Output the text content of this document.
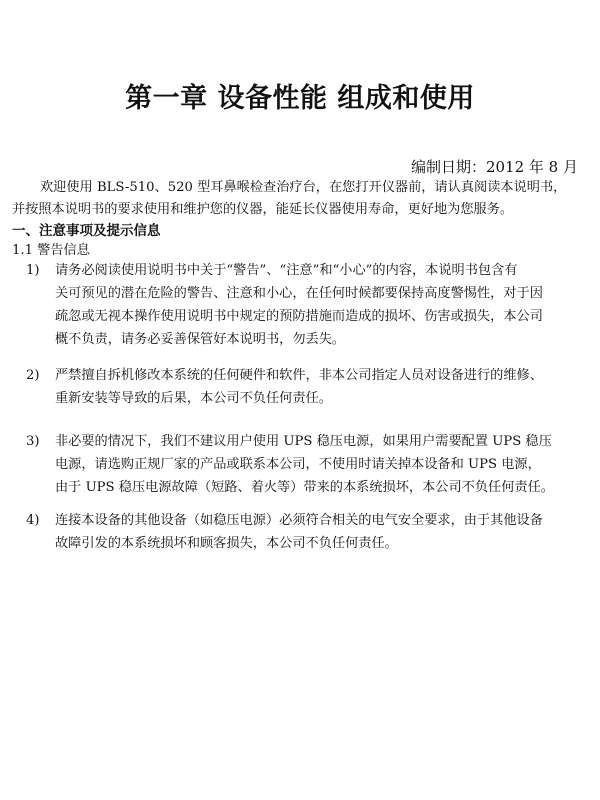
第一章 设备性能 组成和使用
编制日期：2012 年 8 月
欢迎使用 BLS-510、520 型耳鼻喉检查治疗台，在您打开仪器前，请认真阅读本说明书，
并按照本说明书的要求使用和维护您的仪器，能延长仪器使用寿命，更好地为您服务。
一、注意事项及提示信息
1.1 警告信息
1) 请务必阅读使用说明书中关于“警告”、“注意”和“小心”的内容，本说明书包含有
关可预见的潜在危险的警告、注意和小心，在任何时候都要保持高度警惕性，对于因
疏忽或无视本操作使用说明书中规定的预防措施而造成的损坏、伤害或损失，本公司
概不负责，请务必妥善保管好本说明书，勿丢失。
2) 严禁擅自拆机修改本系统的任何硬件和软件，非本公司指定人员对设备进行的维修、
重新安装等导致的后果，本公司不负任何责任。
3) 非必要的情况下，我们不建议用户使用 UPS 稳压电源，如果用户需要配置 UPS 稳压
电源，请选购正规厂家的产品或联系本公司，不使用时请关掉本设备和 UPS 电源，
由于 UPS 稳压电源故障（短路、着火等）带来的本系统损坏，本公司不负任何责任。
4) 连接本设备的其他设备（如稳压电源）必须符合相关的电气安全要求，由于其他设备
故障引发的本系统损坏和顾客损失，本公司不负任何责任。
